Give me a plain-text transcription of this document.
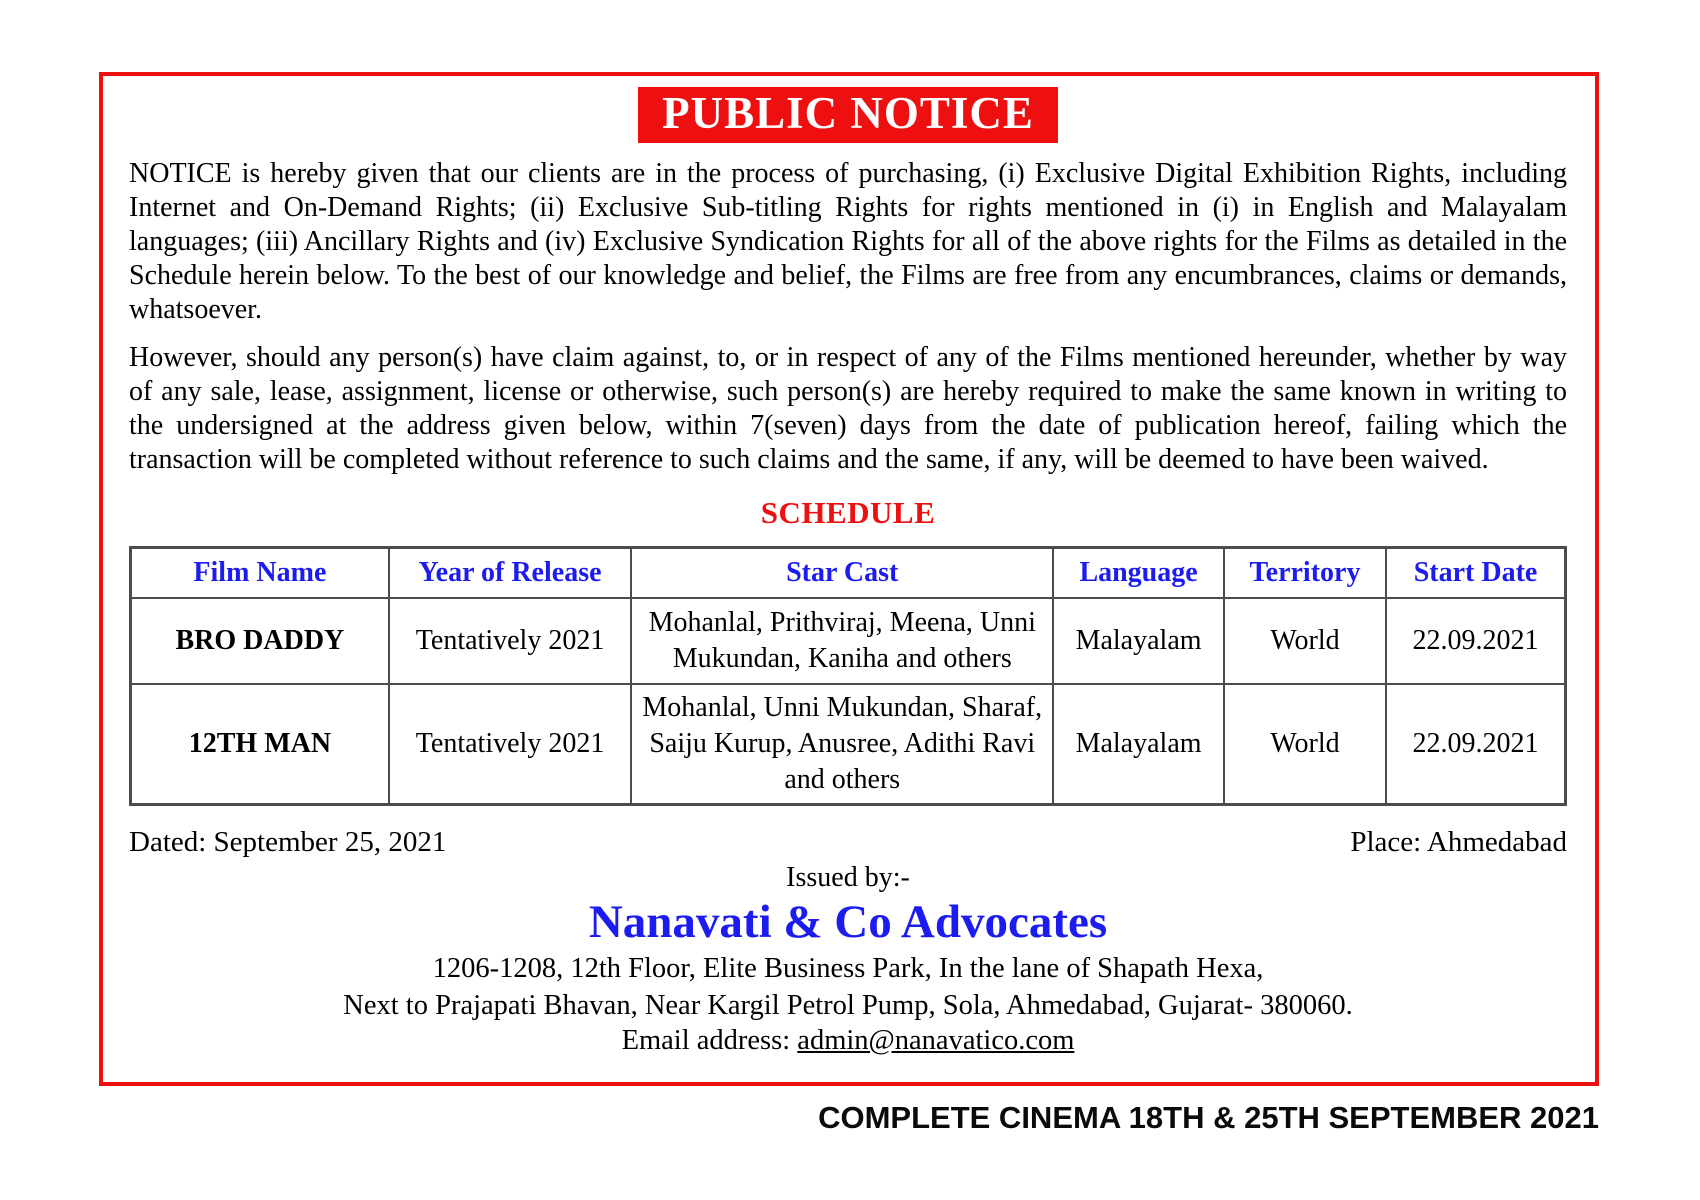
PUBLIC NOTICE

NOTICE is hereby given that our clients are in the process of purchasing, (i) Exclusive Digital Exhibition Rights, including Internet and On-Demand Rights; (ii) Exclusive Sub-titling Rights for rights mentioned in (i) in English and Malayalam languages; (iii) Ancillary Rights and (iv) Exclusive Syndication Rights for all of the above rights for the Films as detailed in the Schedule herein below. To the best of our knowledge and belief, the Films are free from any encumbrances, claims or demands, whatsoever.

However, should any person(s) have claim against, to, or in respect of any of the Films mentioned hereunder, whether by way of any sale, lease, assignment, license or otherwise, such person(s) are hereby required to make the same known in writing to the undersigned at the address given below, within 7(seven) days from the date of publication hereof, failing which the transaction will be completed without reference to such claims and the same, if any, will be deemed to have been waived.

SCHEDULE
Film Name	Year of Release	Star Cast	Language	Territory	Start Date
BRO DADDY	Tentatively 2021	Mohanlal, Prithviraj, Meena, Unni Mukundan, Kaniha and others	Malayalam	World	22.09.2021
12TH MAN	Tentatively 2021	Mohanlal, Unni Mukundan, Sharaf, Saiju Kurup, Anusree, Adithi Ravi and others	Malayalam	World	22.09.2021
Dated: September 25, 2021	Place: Ahmedabad
Issued by:-
Nanavati & Co Advocates
1206-1208, 12th Floor, Elite Business Park, In the lane of Shapath Hexa,
Next to Prajapati Bhavan, Near Kargil Petrol Pump, Sola, Ahmedabad, Gujarat- 380060.
Email address: admin@nanavatico.com
COMPLETE CINEMA 18TH & 25TH SEPTEMBER 2021
